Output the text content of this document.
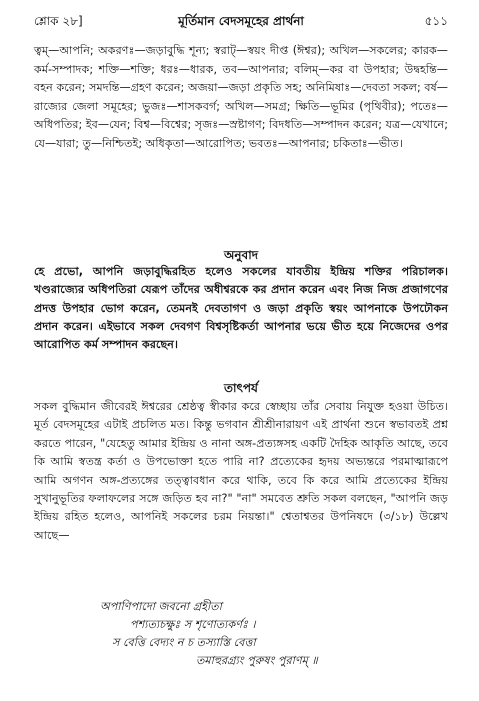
শ্লোক ২৮]	মূর্তিমান বেদসমূহের প্রার্থনা	৫১১

ত্বম্—আপনি; অকরণঃ—জড়াবুদ্ধি শূন্য; স্বরাট্—স্বয়ং দীপ্ত (ঈশ্বর); অখিল—সকলের; কারক—কর্ম-সম্পাদক; শক্তি—শক্তি; ধরঃ—ধারক, তব—আপনার; বলিম্—কর বা উপহার; উদ্বহন্তি—বহন করেন; সমদন্তি—গ্রহণ করেন; অজয়া—জড়া প্রকৃতি সহ; অনিমিষাঃ—দেবতা সকল; বর্ষ—রাজ্যের জেলা সমূহের; ভুজঃ—শাসকবর্গ; অখিল—সমগ্র; ক্ষিতি—ভূমির (পৃথিবীর); পতেঃ—অধিপতির; ইব—যেন; বিশ্ব—বিশ্বের; সৃজঃ—স্রষ্টাগণ; বিদধতি—সম্পাদন করেন; যত্র—যেখানে; যে—যারা; তু—নিশ্চিতই; অধিকৃতা—আরোপিত; ভবতঃ—আপনার; চকিতাঃ—ভীত।

অনুবাদ

হে প্রভো, আপনি জড়াবুদ্ধিরহিত হলেও সকলের যাবতীয় ইন্দ্রিয় শক্তির পরিচালক। খণ্ডরাজ্যের অধিপতিরা যেরূপ তাঁদের অধীশ্বরকে কর প্রদান করেন এবং নিজ নিজ প্রজাগণের প্রদত্ত উপহার ভোগ করেন, তেমনই দেবতাগণ ও জড়া প্রকৃতি স্বয়ং আপনাকে উপঢৌকন প্রদান করেন। এইভাবে সকল দেবগণ বিশ্বসৃষ্টিকর্তা আপনার ভয়ে ভীত হয়ে নিজেদের ওপর আরোপিত কর্ম সম্পাদন করছেন।

তাৎপর্য

সকল বুদ্ধিমান জীবেরই ঈশ্বরের শ্রেষ্ঠত্ব স্বীকার করে স্বেচ্ছায় তাঁর সেবায় নিযুক্ত হওয়া উচিত। মূর্ত বেদসমূহের এটাই প্রচলিত মত। কিন্তু ভগবান শ্রীশ্রীনারায়ণ এই প্রার্থনা শুনে স্বভাবতই প্রশ্ন করতে পারেন, "যেহেতু আমার ইন্দ্রিয় ও নানা অঙ্গ-প্রত্যঙ্গসহ একটি দৈহিক আকৃতি আছে, তবে কি আমি স্বতন্ত্র কর্তা ও উপভোক্তা হতে পারি না? প্রত্যেকের হৃদয় অভ্যন্তরে পরমাত্মারূপে আমি অগণন অঙ্গ-প্রত্যঙ্গের তত্ত্বাবধান করে থাকি, তবে কি করে আমি প্রত্যেকের ইন্দ্রিয় সুখানুভূতির ফলাফলের সঙ্গে জড়িত হব না?" "না" সমবেত শ্রুতি সকল বলছেন, "আপনি জড় ইন্দ্রিয় রহিত হলেও, আপনিই সকলের চরম নিয়ন্তা।" শ্বেতাশ্বতর উপনিষদে (৩/১৮) উল্লেখ আছে—

অপাণিপাদো জবনো গ্রহীতা
পশ্যত্যচক্ষুঃ স শৃণোত্যকর্ণঃ ।
স বেত্তি বেদ্যং ন চ তস্যাস্তি বেত্তা
তমাহুরগ্র্যং পুরুষং পুরাণম্ ॥
